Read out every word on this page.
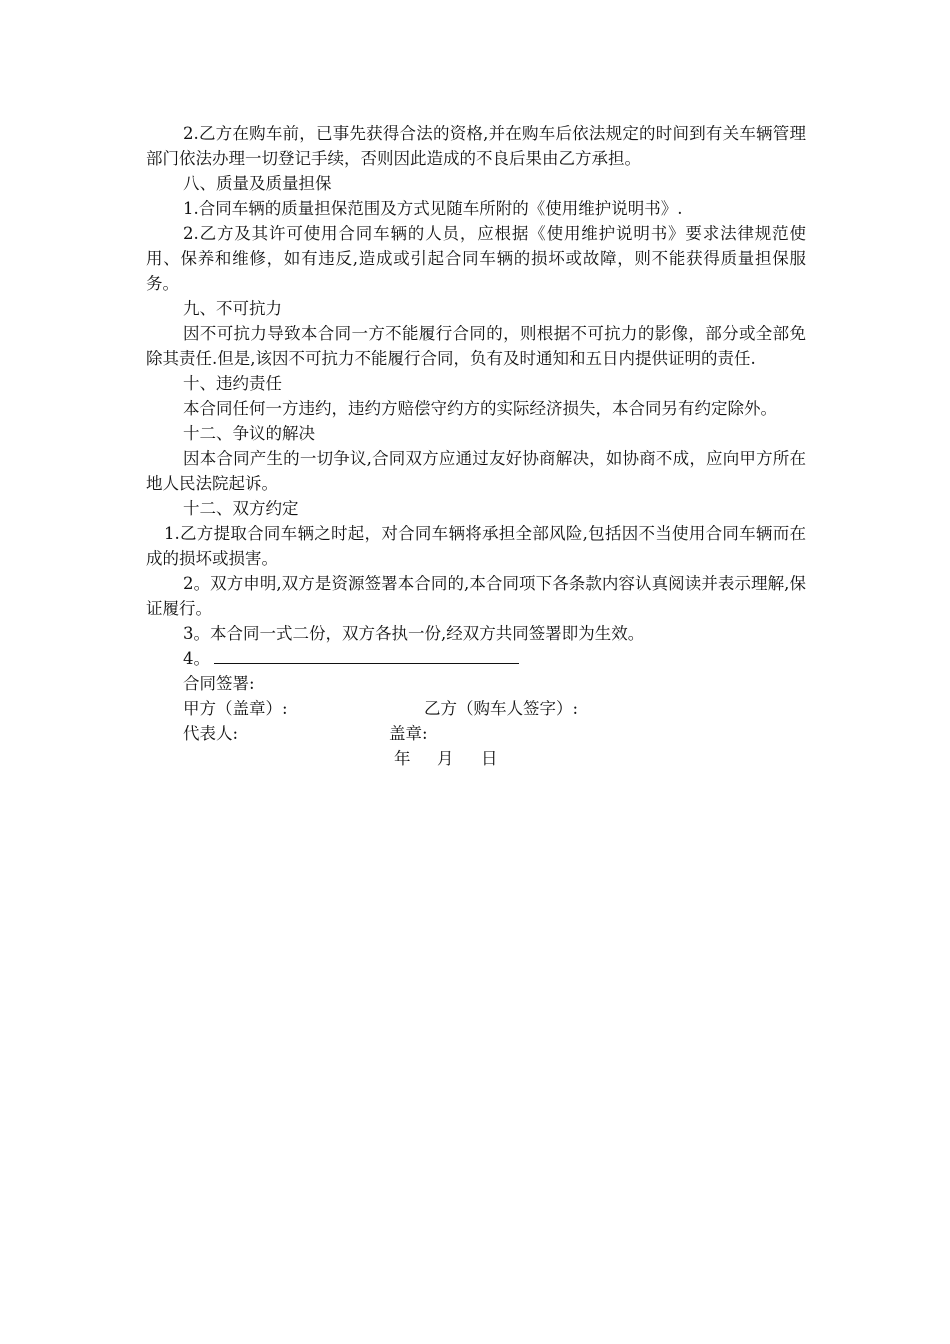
2.乙方在购车前，已事先获得合法的资格,并在购车后依法规定的时间到有关车辆管理部门依法办理一切登记手续，否则因此造成的不良后果由乙方承担。

八、质量及质量担保

1.合同车辆的质量担保范围及方式见随车所附的《使用维护说明书》.

2.乙方及其许可使用合同车辆的人员，应根据《使用维护说明书》要求法律规范使用、保养和维修，如有违反,造成或引起合同车辆的损坏或故障，则不能获得质量担保服务。

九、不可抗力

因不可抗力导致本合同一方不能履行合同的，则根据不可抗力的影像，部分或全部免除其责任.但是,该因不可抗力不能履行合同，负有及时通知和五日内提供证明的责任.

十、违约责任

本合同任何一方违约，违约方赔偿守约方的实际经济损失，本合同另有约定除外。

十二、争议的解决

因本合同产生的一切争议,合同双方应通过友好协商解决，如协商不成，应向甲方所在地人民法院起诉。

十二、双方约定

1.乙方提取合同车辆之时起，对合同车辆将承担全部风险,包括因不当使用合同车辆而在成的损坏或损害。

2。双方申明,双方是资源签署本合同的,本合同项下各条款内容认真阅读并表示理解,保证履行。

3。本合同一式二份，双方各执一份,经双方共同签署即为生效。

4。

合同签署:

甲方（盖章）:	乙方（购车人签字）:
代表人:	盖章:
年 月 日
